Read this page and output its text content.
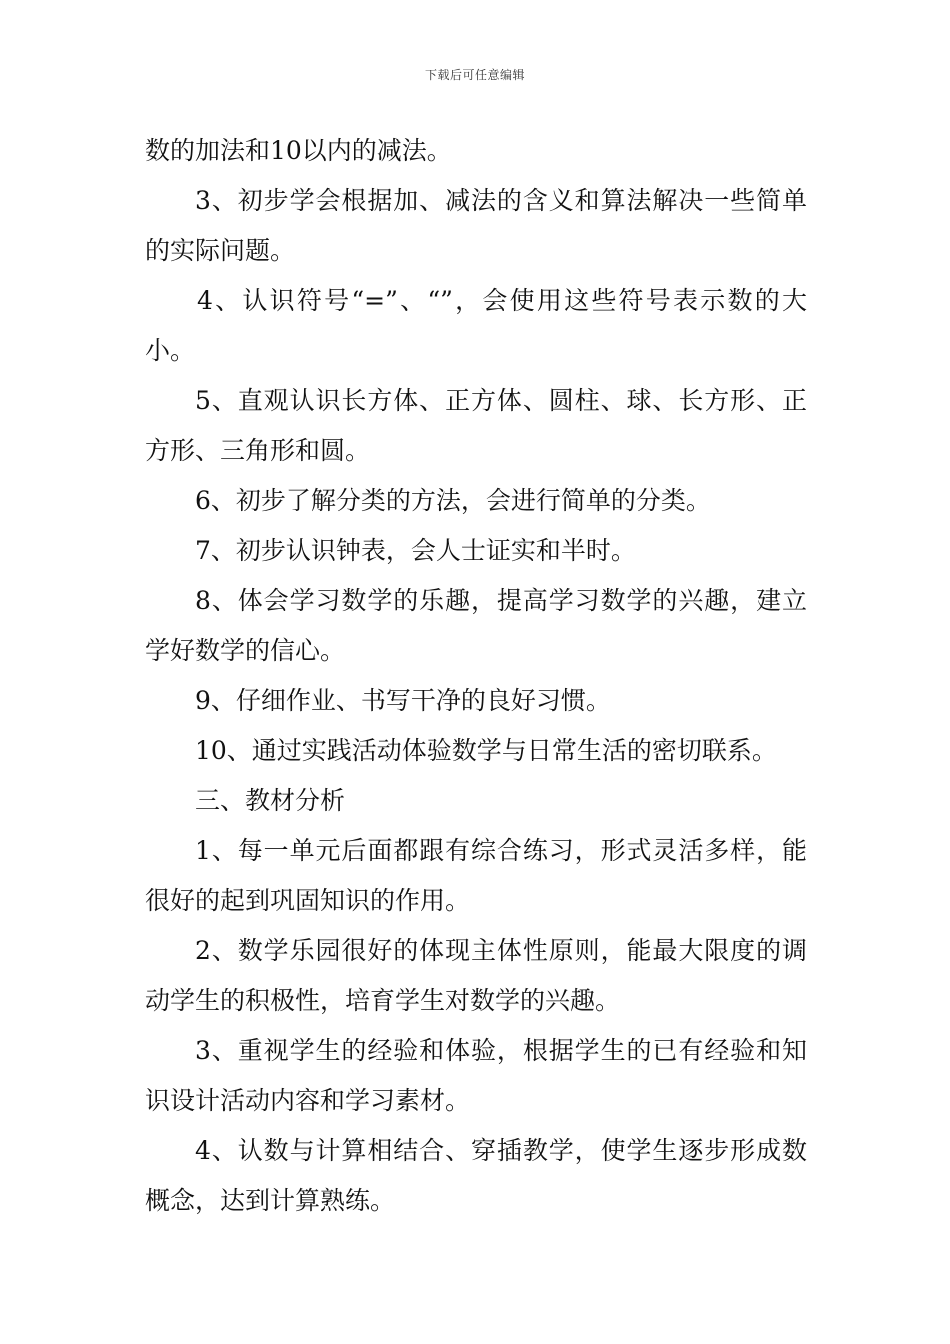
下载后可任意编辑

数的加法和10以内的减法。

3、初步学会根据加、减法的含义和算法解决一些简单的实际问题。

4、认识符号“=”、“”，会使用这些符号表示数的大小。

5、直观认识长方体、正方体、圆柱、球、长方形、正方形、三角形和圆。

6、初步了解分类的方法，会进行简单的分类。

7、初步认识钟表，会人士证实和半时。

8、体会学习数学的乐趣，提高学习数学的兴趣，建立学好数学的信心。

9、仔细作业、书写干净的良好习惯。

10、通过实践活动体验数学与日常生活的密切联系。

三、教材分析

1、每一单元后面都跟有综合练习，形式灵活多样，能很好的起到巩固知识的作用。

2、数学乐园很好的体现主体性原则，能最大限度的调动学生的积极性，培育学生对数学的兴趣。

3、重视学生的经验和体验，根据学生的已有经验和知识设计活动内容和学习素材。

4、认数与计算相结合、穿插教学，使学生逐步形成数概念，达到计算熟练。
